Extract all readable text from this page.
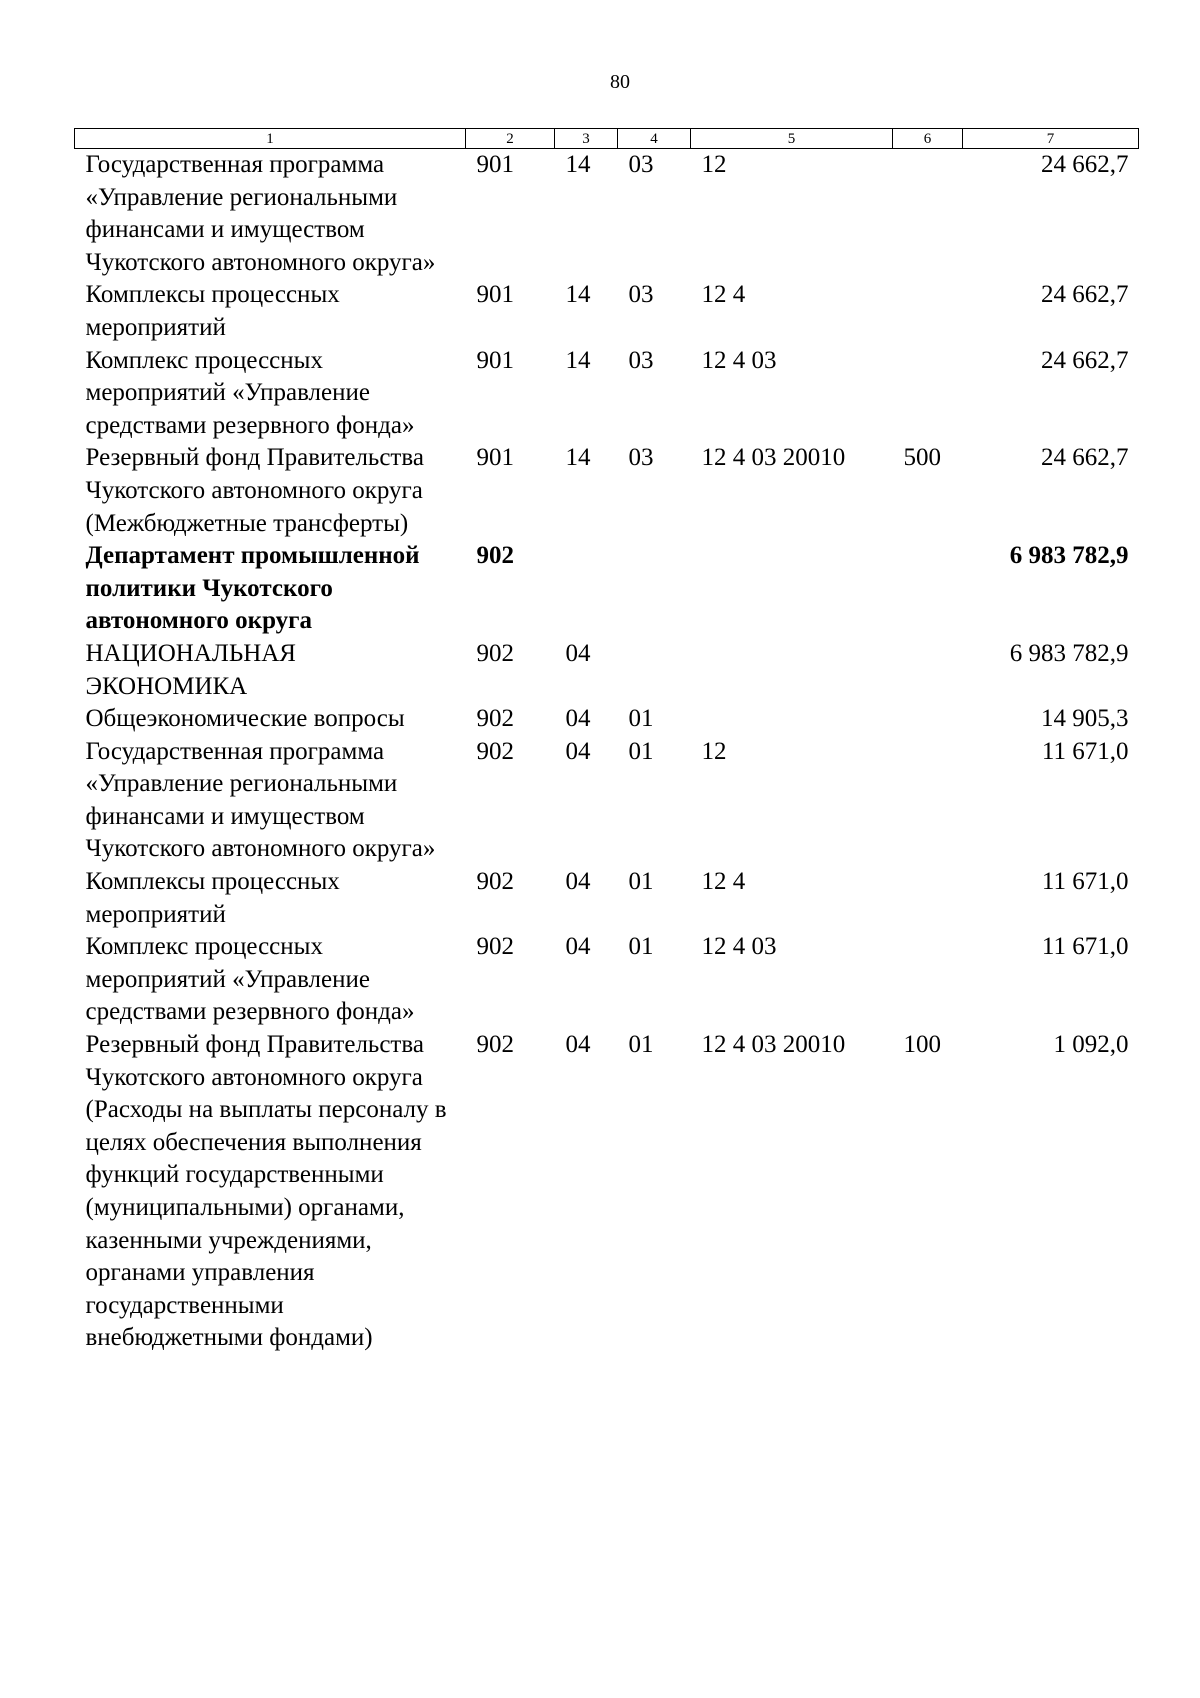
80
1	2	3	4	5	6	7
Государственная программа «Управление региональными финансами и имуществом Чукотского автономного округа»	901	14	03	12		24 662,7
Комплексы процессных мероприятий	901	14	03	12 4		24 662,7
Комплекс процессных мероприятий «Управление средствами резервного фонда»	901	14	03	12 4 03		24 662,7
Резервный фонд Правительства Чукотского автономного округа (Межбюджетные трансферты)	901	14	03	12 4 03 20010	500	24 662,7
Департамент промышленной политики Чукотского автономного округа	902					6 983 782,9
НАЦИОНАЛЬНАЯ ЭКОНОМИКА	902	04				6 983 782,9
Общеэкономические вопросы	902	04	01			14 905,3
Государственная программа «Управление региональными финансами и имуществом Чукотского автономного округа»	902	04	01	12		11 671,0
Комплексы процессных мероприятий	902	04	01	12 4		11 671,0
Комплекс процессных мероприятий «Управление средствами резервного фонда»	902	04	01	12 4 03		11 671,0
Резервный фонд Правительства Чукотского автономного округа (Расходы на выплаты персоналу в целях обеспечения выполнения функций государственными (муниципальными) органами, казенными учреждениями, органами управления государственными внебюджетными фондами)	902	04	01	12 4 03 20010	100	1 092,0
